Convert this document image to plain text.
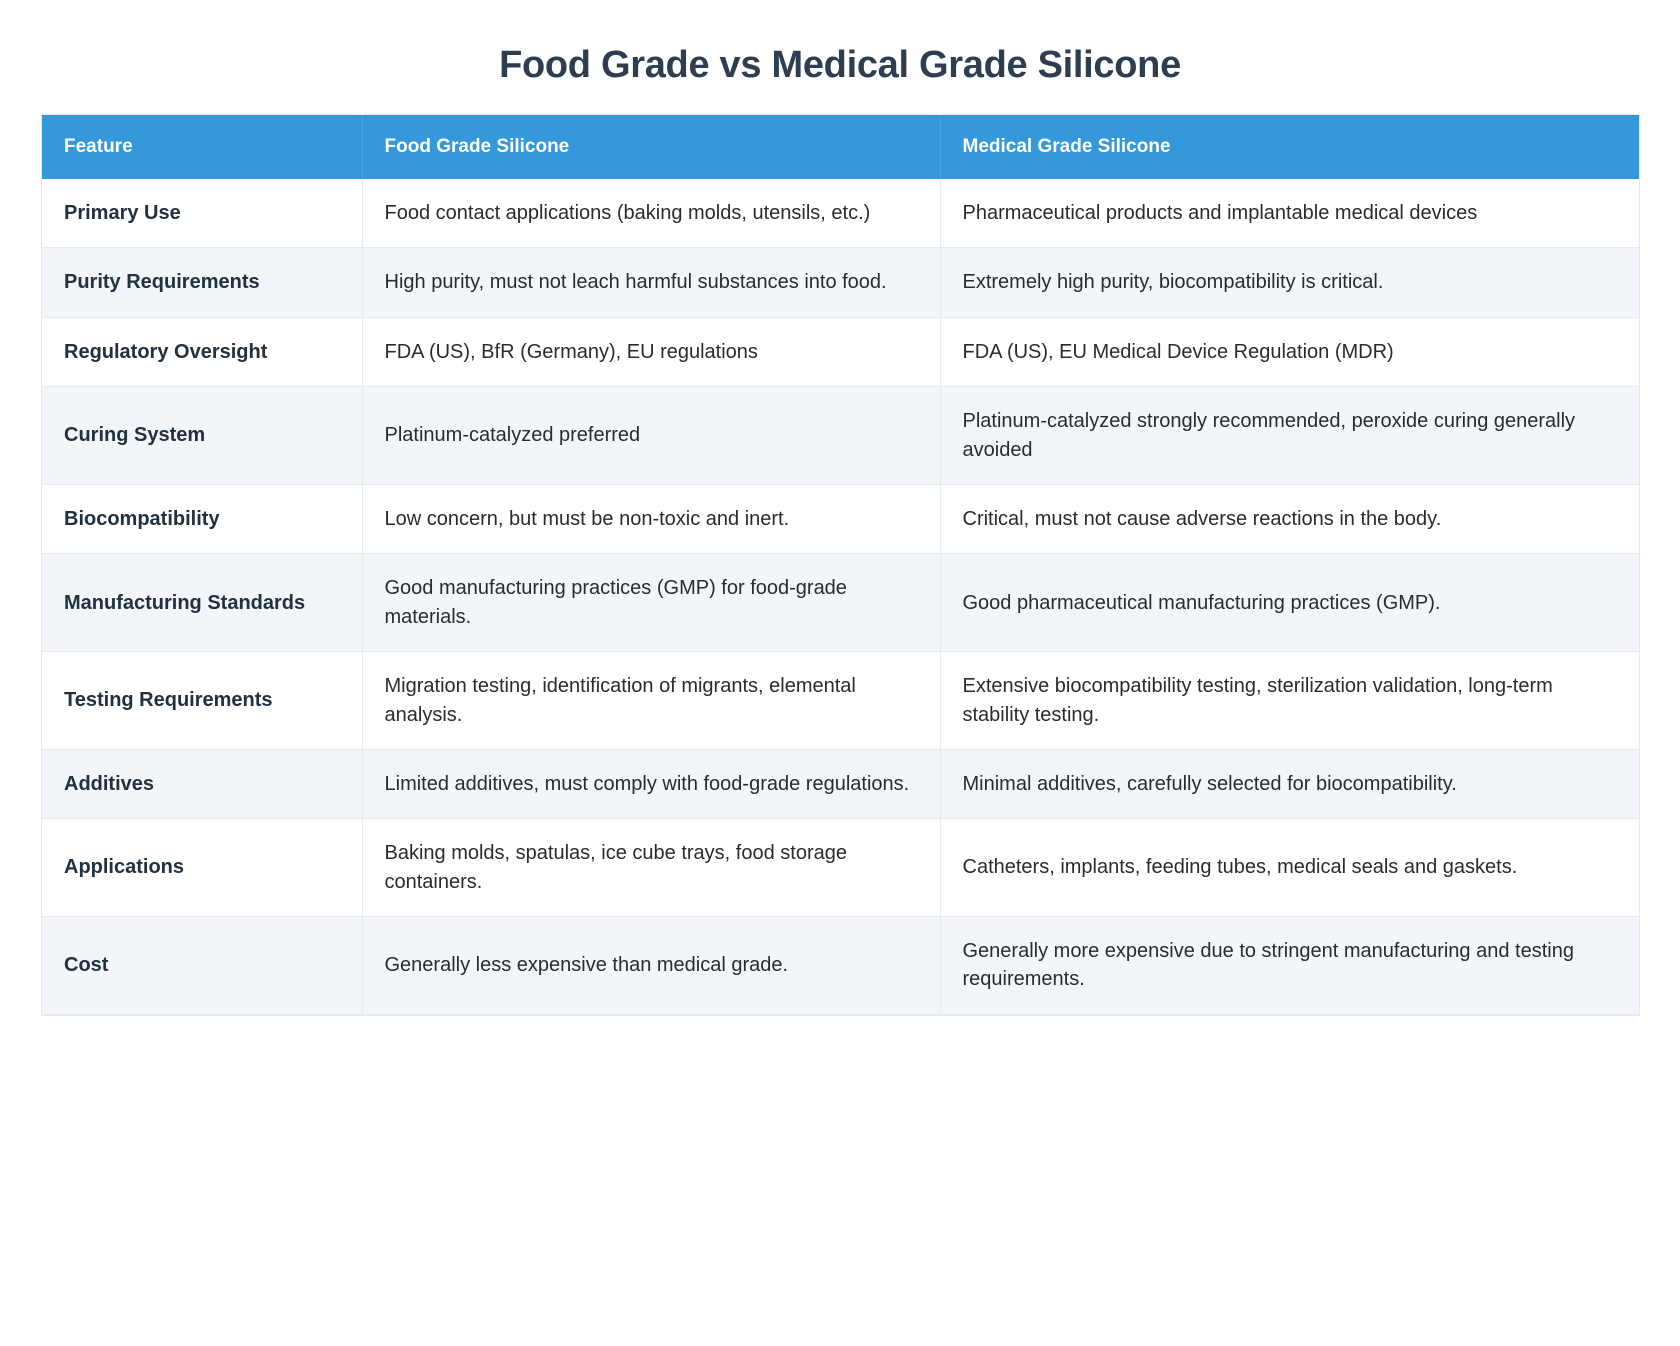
Food Grade vs Medical Grade Silicone
Feature	Food Grade Silicone	Medical Grade Silicone
Primary Use	Food contact applications (baking molds, utensils, etc.)	Pharmaceutical products and implantable medical devices
Purity Requirements	High purity, must not leach harmful substances into food.	Extremely high purity, biocompatibility is critical.
Regulatory Oversight	FDA (US), BfR (Germany), EU regulations	FDA (US), EU Medical Device Regulation (MDR)
Curing System	Platinum-catalyzed preferred	Platinum-catalyzed strongly recommended, peroxide curing generally avoided
Biocompatibility	Low concern, but must be non-toxic and inert.	Critical, must not cause adverse reactions in the body.
Manufacturing Standards	Good manufacturing practices (GMP) for food-grade materials.	Good pharmaceutical manufacturing practices (GMP).
Testing Requirements	Migration testing, identification of migrants, elemental analysis.	Extensive biocompatibility testing, sterilization validation, long-term stability testing.
Additives	Limited additives, must comply with food-grade regulations.	Minimal additives, carefully selected for biocompatibility.
Applications	Baking molds, spatulas, ice cube trays, food storage containers.	Catheters, implants, feeding tubes, medical seals and gaskets.
Cost	Generally less expensive than medical grade.	Generally more expensive due to stringent manufacturing and testing requirements.
